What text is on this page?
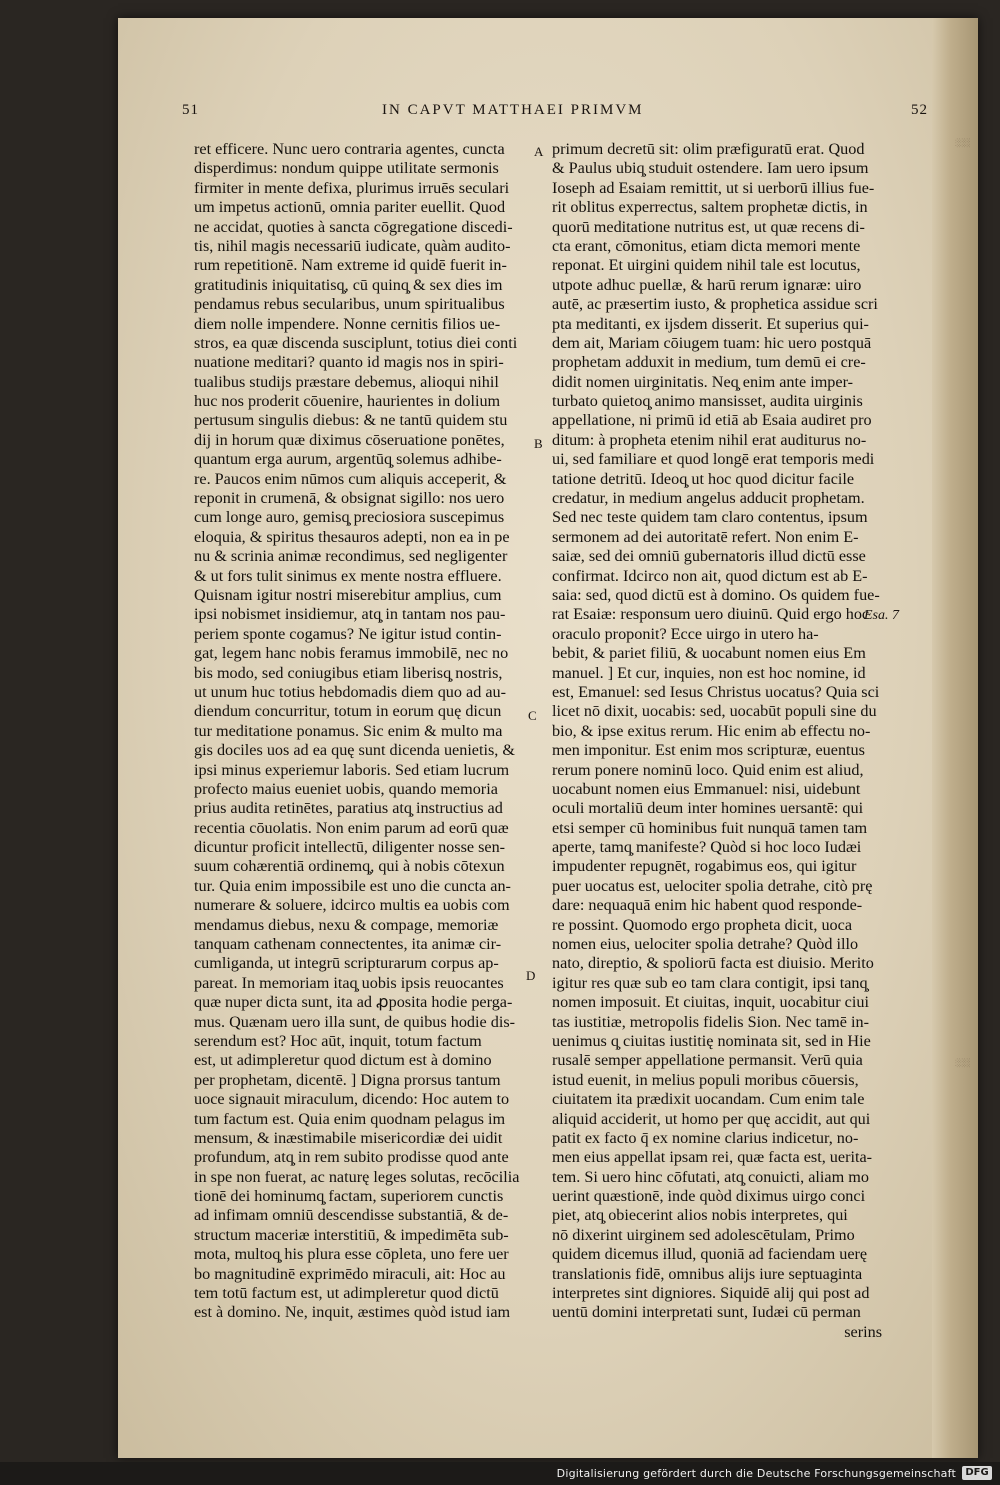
░
░
51	IN CAPVT MATTHAEI PRIMVM	52
ret efficere. Nunc uero contraria agentes, cuncta
disperdimus: nondum quippe utilitate sermonis
firmiter in mente defixa, plurimus irruēs seculari
um impetus actionū, omnia pariter euellit. Quod
ne accidat, quoties à sancta cōgregatione discedi-
tis, nihil magis necessariū iudicate, quàm audito-
rum repetitionē. Nam extreme id quidē fuerit in-
gratitudinis iniquitatisq̧, cū quinq̧ & sex dies im
pendamus rebus secularibus, unum spiritualibus
diem nolle impendere. Nonne cernitis filios ue-
stros, ea quæ discenda susciplunt, totius diei conti
nuatione meditari? quanto id magis nos in spiri-
tualibus studijs præstare debemus, alioqui nihil
huc nos proderit cōuenire, haurientes in dolium
pertusum singulis diebus: & ne tantū quidem stu
dij in horum quæ diximus cōseruatione ponētes,
quantum erga aurum, argentūq̧ solemus adhibe-
re. Paucos enim nūmos cum aliquis acceperit, &
reponit in crumenā, & obsignat sigillo: nos uero
cum longe auro, gemisq̧ preciosiora suscepimus
eloquia, & spiritus thesauros adepti, non ea in pe
nu & scrinia animæ recondimus, sed negligenter
& ut fors tulit sinimus ex mente nostra effluere.
Quisnam igitur nostri miserebitur amplius, cum
ipsi nobismet insidiemur, atq̧ in tantam nos pau-
periem sponte cogamus? Ne igitur istud contin-
gat, legem hanc nobis feramus immobilē, nec no
bis modo, sed coniugibus etiam liberisq̧ nostris,
ut unum huc totius hebdomadis diem quo ad au-
diendum concurritur, totum in eorum quę dicun
tur meditatione ponamus. Sic enim & multo ma
gis dociles uos ad ea quę sunt dicenda uenietis, &
ipsi minus experiemur laboris. Sed etiam lucrum
profecto maius eueniet uobis, quando memoria
prius audita retinētes, paratius atq̧ instructius ad
recentia cōuolatis. Non enim parum ad eorū quæ
dicuntur proficit intellectū, diligenter nosse sen-
suum cohærentiā ordinemq̧, qui à nobis cōtexun
tur. Quia enim impossibile est uno die cuncta an-
numerare & soluere, idcirco multis ea uobis com
mendamus diebus, nexu & compage, memoriæ
tanquam cathenam connectentes, ita animæ cir-
cumliganda, ut integrū scripturarum corpus ap-
pareat. In memoriam itaq̧ uobis ipsis reuocantes
quæ nuper dicta sunt, ita ad ꝓposita hodie perga-
mus. Quænam uero illa sunt, de quibus hodie dis-
serendum est? Hoc aūt, inquit, totum factum
est, ut adimpleretur quod dictum est à domino
per prophetam, dicentē. ] Digna prorsus tantum
uoce signauit miraculum, dicendo: Hoc autem to
tum factum est. Quia enim quodnam pelagus im
mensum, & inæstimabile misericordiæ dei uidit
profundum, atq̧ in rem subito prodisse quod ante
in spe non fuerat, ac naturę leges solutas, recōcilia
tionē dei hominumq̧ factam, superiorem cunctis
ad infimam omniū descendisse substantiā, & de-
structum maceriæ interstitiū, & impedimēta sub-
mota, multoq̧ his plura esse cōpleta, uno fere uer
bo magnitudinē exprimēdo miraculi, ait: Hoc au
tem totū factum est, ut adimpleretur quod dictū
est à domino. Ne, inquit, æstimes quòd istud iam
primum decretū sit: olim præfiguratū erat. Quod
& Paulus ubiq̧ studuit ostendere. Iam uero ipsum
Ioseph ad Esaiam remittit, ut si uerborū illius fue-
rit oblitus experrectus, saltem prophetæ dictis, in
quorū meditatione nutritus est, ut quæ recens di-
cta erant, cōmonitus, etiam dicta memori mente
reponat. Et uirgini quidem nihil tale est locutus,
utpote adhuc puellæ, & harū rerum ignaræ: uiro
autē, ac præsertim iusto, & prophetica assidue scri
pta meditanti, ex ijsdem disserit. Et superius qui-
dem ait, Mariam cōiugem tuam: hic uero postquā
prophetam adduxit in medium, tum demū ei cre-
didit nomen uirginitatis. Neq̧ enim ante imper-
turbato quietoq̧ animo mansisset, audita uirginis
appellatione, ni primū id etiā ab Esaia audiret pro
ditum: à propheta etenim nihil erat auditurus no-
ui, sed familiare et quod longē erat temporis medi
tatione detritū. Ideoq̧ ut hoc quod dicitur facile
credatur, in medium angelus adducit prophetam.
Sed nec teste quidem tam claro contentus, ipsum
sermonem ad dei autoritatē refert. Non enim E-
saiæ, sed dei omniū gubernatoris illud dictū esse
confirmat. Idcirco non ait, quod dictum est ab E-
saia: sed, quod dictū est à domino. Os quidem fue-
rat Esaiæ: responsum uero diuinū. Quid ergo hoc
oraculo proponit? Ecce uirgo in utero ha-
bebit, & pariet filiū, & uocabunt nomen eius Em
manuel. ] Et cur, inquies, non est hoc nomine, id
est, Emanuel: sed Iesus Christus uocatus? Quia sci
licet nō dixit, uocabis: sed, uocabūt populi sine du
bio, & ipse exitus rerum. Hic enim ab effectu no-
men imponitur. Est enim mos scripturæ, euentus
rerum ponere nominū loco. Quid enim est aliud,
uocabunt nomen eius Emmanuel: nisi, uidebunt
oculi mortaliū deum inter homines uersantē: qui
etsi semper cū hominibus fuit nunquā tamen tam
aperte, tamq̧ manifeste? Quòd si hoc loco Iudæi
impudenter repugnēt, rogabimus eos, qui igitur
puer uocatus est, uelociter spolia detrahe, citò prę
dare: nequaquā enim hic habent quod responde-
re possint. Quomodo ergo propheta dicit, uoca
nomen eius, uelociter spolia detrahe? Quòd illo
nato, direptio, & spoliorū facta est diuisio. Merito
igitur res quæ sub eo tam clara contigit, ipsi tanq̧
nomen imposuit. Et ciuitas, inquit, uocabitur ciui
tas iustitiæ, metropolis fidelis Sion. Nec tamē in-
uenimus q̧ ciuitas iustitię nominata sit, sed in Hie
rusalē semper appellatione permansit. Verū quia
istud euenit, in melius populi moribus cōuersis,
ciuitatem ita prædixit uocandam. Cum enim tale
aliquid acciderit, ut homo per quę accidit, aut qui
patit ex facto q̄ ex nomine clarius indicetur, no-
men eius appellat ipsam rei, quæ facta est, uerita-
tem. Si uero hinc cōfutati, atq̧ conuicti, aliam mo
uerint quæstionē, inde quòd diximus uirgo conci
piet, atq̧ obiecerint alios nobis interpretes, qui
nō dixerint uirginem sed adolescētulam, Primo
quidem dicemus illud, quoniā ad faciendam uerę
translationis fidē, omnibus alijs iure septuaginta
interpretes sint digniores. Siquidē alij qui post ad
uentū domini interpretati sunt, Iudæi cū perman
serins
A
B
C
D
Esa. 7
Digitalisierung gefördert durch die Deutsche Forschungsgemeinschaft DFG
